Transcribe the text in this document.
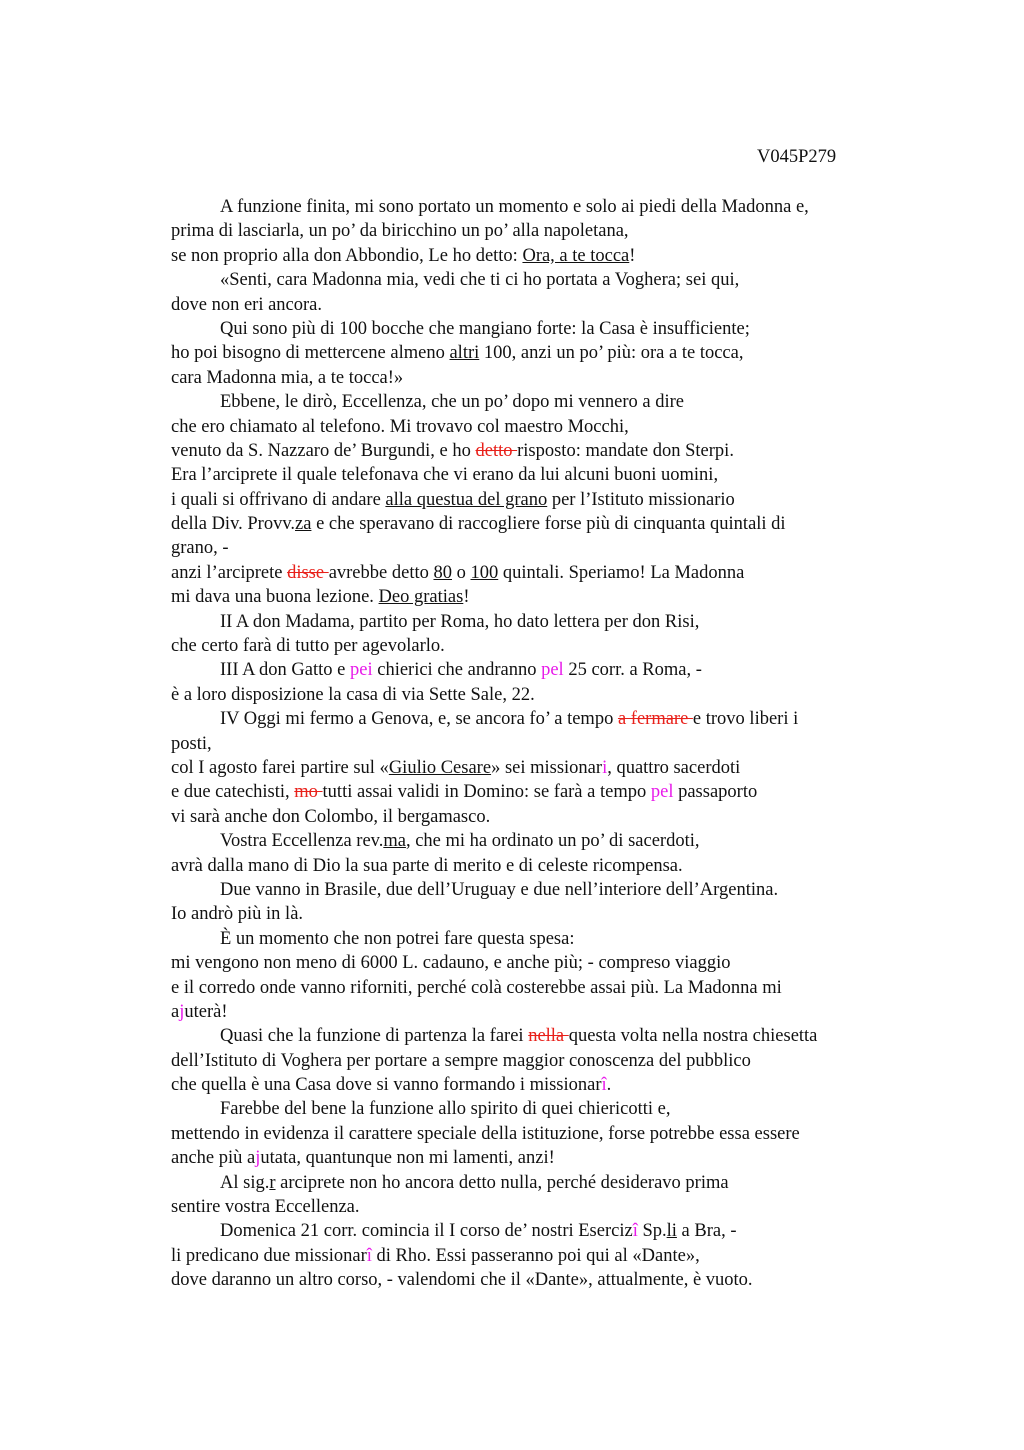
V045P279
A funzione finita, mi sono portato un momento e solo ai piedi della Madonna e,
prima di lasciarla, un po’ da biricchino un po’ alla napoletana,
se non proprio alla don Abbondio, Le ho detto: Ora, a te tocca!
«Senti, cara Madonna mia, vedi che ti ci ho portata a Voghera; sei qui,
dove non eri ancora.
Qui sono più di 100 bocche che mangiano forte: la Casa è insufficiente;
ho poi bisogno di mettercene almeno altri 100, anzi un po’ più: ora a te tocca,
cara Madonna mia, a te tocca!»
Ebbene, le dirò, Eccellenza, che un po’ dopo mi vennero a dire
che ero chiamato al telefono. Mi trovavo col maestro Mocchi,
venuto da S. Nazzaro de’ Burgundi, e ho detto risposto: mandate don Sterpi.
Era l’arciprete il quale telefonava che vi erano da lui alcuni buoni uomini,
i quali si offrivano di andare alla questua del grano per l’Istituto missionario
della Div. Provv.za e che speravano di raccogliere forse più di cinquanta quintali di
grano, -
anzi l’arciprete disse avrebbe detto 80 o 100 quintali. Speriamo! La Madonna
mi dava una buona lezione. Deo gratias!
II A don Madama, partito per Roma, ho dato lettera per don Risi,
che certo farà di tutto per agevolarlo.
III A don Gatto e pei chierici che andranno pel 25 corr. a Roma, -
è a loro disposizione la casa di via Sette Sale, 22.
IV Oggi mi fermo a Genova, e, se ancora fo’ a tempo a fermare e trovo liberi i
posti,
col I agosto farei partire sul «Giulio Cesare» sei missionari, quattro sacerdoti
e due catechisti, mo tutti assai validi in Domino: se farà a tempo pel passaporto
vi sarà anche don Colombo, il bergamasco.
Vostra Eccellenza rev.ma, che mi ha ordinato un po’ di sacerdoti,
avrà dalla mano di Dio la sua parte di merito e di celeste ricompensa.
Due vanno in Brasile, due dell’Uruguay e due nell’interiore dell’Argentina.
Io andrò più in là.
È un momento che non potrei fare questa spesa:
mi vengono non meno di 6000 L. cadauno, e anche più; - compreso viaggio
e il corredo onde vanno riforniti, perché colà costerebbe assai più. La Madonna mi
ajuterà!
Quasi che la funzione di partenza la farei nella questa volta nella nostra chiesetta
dell’Istituto di Voghera per portare a sempre maggior conoscenza del pubblico
che quella è una Casa dove si vanno formando i missionarî.
Farebbe del bene la funzione allo spirito di quei chiericotti e,
mettendo in evidenza il carattere speciale della istituzione, forse potrebbe essa essere
anche più ajutata, quantunque non mi lamenti, anzi!
Al sig.r arciprete non ho ancora detto nulla, perché desideravo prima
sentire vostra Eccellenza.
Domenica 21 corr. comincia il I corso de’ nostri Esercizî Sp.li a Bra, -
li predicano due missionarî di Rho. Essi passeranno poi qui al «Dante»,
dove daranno un altro corso, - valendomi che il «Dante», attualmente, è vuoto.
